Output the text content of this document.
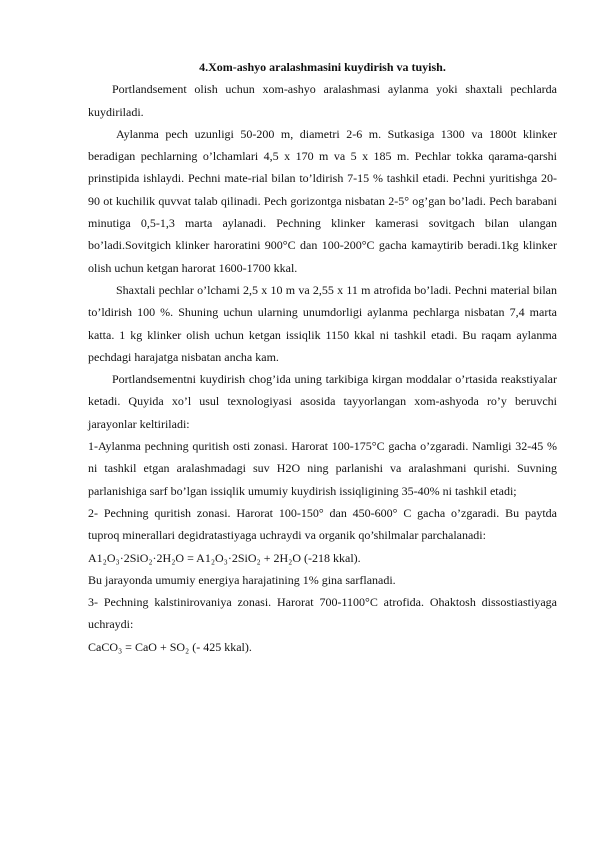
4.Xom-ashyo aralashmasini kuydirish va tuyish.

Portlandsement olish uchun xom-ashyo aralashmasi aylanma yoki shaxtali pechlarda kuydiriladi.

Aylanma pech uzunligi 50-200 m, diametri 2-6 m. Sutkasiga 1300 va 1800t klinker beradigan pechlarning o’lchamlari 4,5 x 170 m va 5 x 185 m. Pechlar tokka qarama-qarshi prinstipida ishlaydi. Pechni mate-rial bilan to’ldirish 7-15 % tashkil etadi. Pechni yuritishga 20-90 ot kuchilik quvvat talab qilinadi. Pech gorizontga nisbatan 2-5° og’gan bo’ladi. Pech barabani minutiga 0,5-1,3 marta aylanadi. Pechning klinker kamerasi sovitgach bilan ulangan bo’ladi.Sovitgich klinker haroratini 900°C dan 100-200°C gacha kamaytirib beradi.1kg klinker olish uchun ketgan harorat 1600-1700 kkal.

Shaxtali pechlar o’lchami 2,5 x 10 m va 2,55 x 11 m atrofida bo’ladi. Pechni material bilan to’ldirish 100 %. Shuning uchun ularning unumdorligi aylanma pechlarga nisbatan 7,4 marta katta. 1 kg klinker olish uchun ketgan issiqlik 1150 kkal ni tashkil etadi. Bu raqam aylanma pechdagi harajatga nisbatan ancha kam.

Portlandsementni kuydirish chog’ida uning tarkibiga kirgan moddalar o’rtasida reakstiyalar ketadi. Quyida xo’l usul texnologiyasi asosida tayyorlangan xom-ashyoda ro’y beruvchi jarayonlar keltiriladi:

1-Aylanma pechning quritish osti zonasi. Harorat 100-175°C gacha o’zgaradi. Namligi 32-45 % ni tashkil etgan aralashmadagi suv H2O ning parlanishi va aralashmani qurishi. Suvning parlanishiga sarf bo’lgan issiqlik umumiy kuydirish issiqligining 35-40% ni tashkil etadi;

2- Pechning quritish zonasi. Harorat 100-150° dan 450-600° C gacha o’zgaradi. Bu paytda tuproq minerallari degidratastiyaga uchraydi va organik qo’shilmalar parchalanadi:

A1₂O₃·2SiO₂·2H₂O = A1₂O₃·2SiO₂ + 2H₂O (-218 kkal).

Bu jarayonda umumiy energiya harajatining 1% gina sarflanadi.

3- Pechning kalstinirovaniya zonasi. Harorat 700-1100°C atrofida. Ohaktosh dissostiastiyaga uchraydi:

CaCO₃ = CaO + SO₂ (- 425 kkal).
